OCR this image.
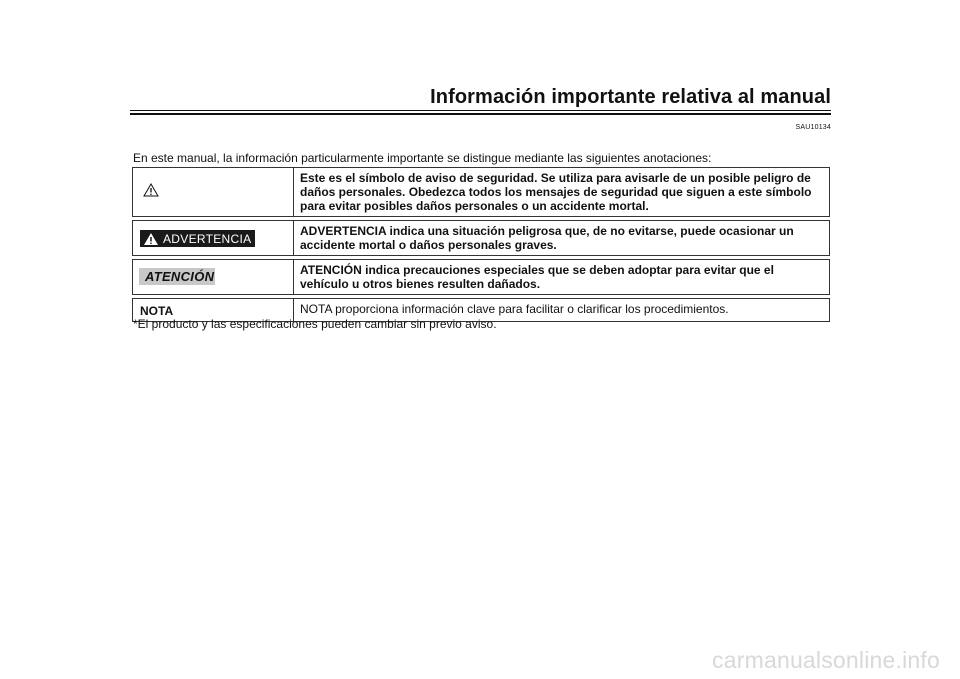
Información importante relativa al manual
SAU10134
En este manual, la información particularmente importante se distingue mediante las siguientes anotaciones:
	Este es el símbolo de aviso de seguridad. Se utiliza para avisarle de un posible peligro de daños personales. Obedezca todos los mensajes de seguridad que siguen a este símbolo para evitar posibles daños personales o un accidente mortal.

ADVERTENCIA	ADVERTENCIA indica una situación peligrosa que, de no evitarse, puede ocasionar un accidente mortal o daños personales graves.

ATENCIÓN	ATENCIÓN indica precauciones especiales que se deben adoptar para evitar que el vehículo u otros bienes resulten dañados.

NOTA	NOTA proporciona información clave para facilitar o clarificar los procedimientos.
*El producto y las especificaciones pueden cambiar sin previo aviso.
carmanualsonline.info
